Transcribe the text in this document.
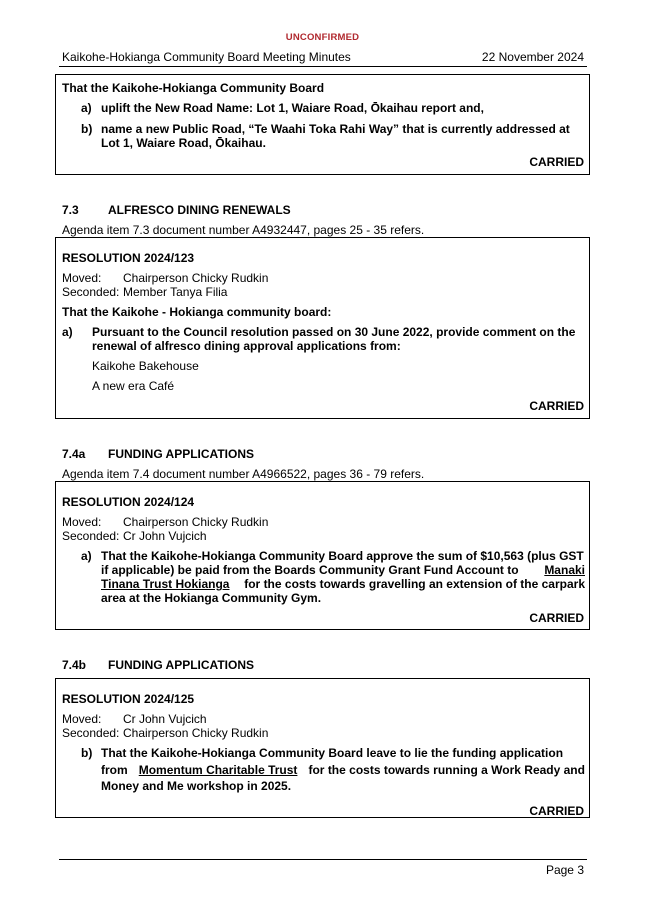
UNCONFIRMED
Kaikohe-Hokianga Community Board Meeting Minutes	22 November 2024
That the Kaikohe-Hokianga Community Board
a) uplift the New Road Name: Lot 1, Waiare Road, Ōkaihau report and,
b) name a new Public Road, “Te Waahi Toka Rahi Way” that is currently addressed at
Lot 1, Waiare Road, Ōkaihau.
CARRIED
7.3 ALFRESCO DINING RENEWALS
Agenda item 7.3 document number A4932447, pages 25 - 35 refers.
RESOLUTION 2024/123
Moved: Chairperson Chicky Rudkin
Seconded: Member Tanya Filia
That the Kaikohe - Hokianga community board:
a) Pursuant to the Council resolution passed on 30 June 2022, provide comment on the
renewal of alfresco dining approval applications from:
Kaikohe Bakehouse
A new era Café
CARRIED
7.4a FUNDING APPLICATIONS
Agenda item 7.4 document number A4966522, pages 36 - 79 refers.
RESOLUTION 2024/124
Moved: Chairperson Chicky Rudkin
Seconded: Cr John Vujcich
a) That the Kaikohe-Hokianga Community Board approve the sum of $10,563 (plus GST
if applicable) be paid from the Boards Community Grant Fund Account to Manaki
Tinana Trust Hokianga for the costs towards gravelling an extension of the carpark
area at the Hokianga Community Gym.
CARRIED
7.4b FUNDING APPLICATIONS
RESOLUTION 2024/125
Moved: Cr John Vujcich
Seconded: Chairperson Chicky Rudkin
b) That the Kaikohe-Hokianga Community Board leave to lie the funding application
from Momentum Charitable Trust for the costs towards running a Work Ready and
Money and Me workshop in 2025.
CARRIED
Page 3
